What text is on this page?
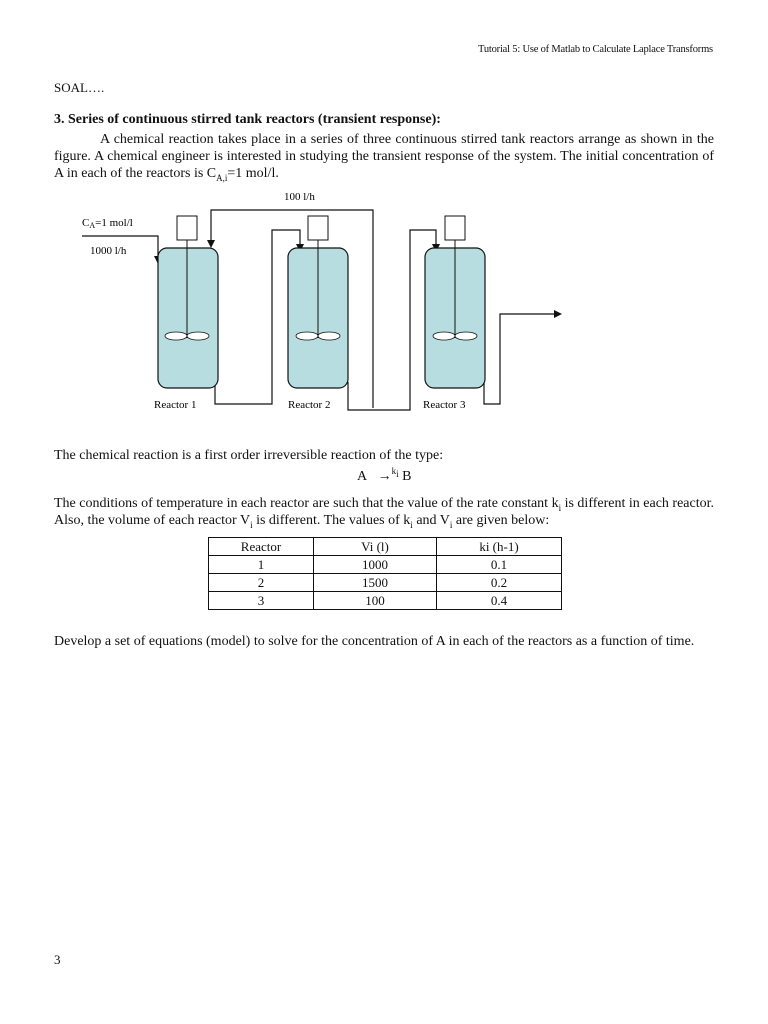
Tutorial 5: Use of Matlab to Calculate Laplace Transforms
SOAL….
3. Series of continuous stirred tank reactors (transient response):
A chemical reaction takes place in a series of three continuous stirred tank reactors arrange as shown in the figure. A chemical engineer is interested in studying the transient response of the system. The initial concentration of A in each of the reactors is $C_{A,i}=1$ mol/l.
100 l/h
CA=1 mol/l
1000 l/h
Reactor 1	Reactor 2	Reactor 3
The chemical reaction is a first order irreversible reaction of the type:
A →$^{k_i}$ B
The conditions of temperature in each reactor are such that the value of the rate constant $k_i$ is different in each reactor. Also, the volume of each reactor $V_i$ is different. The values of $k_i$ and $V_i$ are given below:
Reactor	Vi (l)	ki (h-1)
1	1000	0.1
2	1500	0.2
3	100	0.4
Develop a set of equations (model) to solve for the concentration of A in each of the reactors as a function of time.
3
